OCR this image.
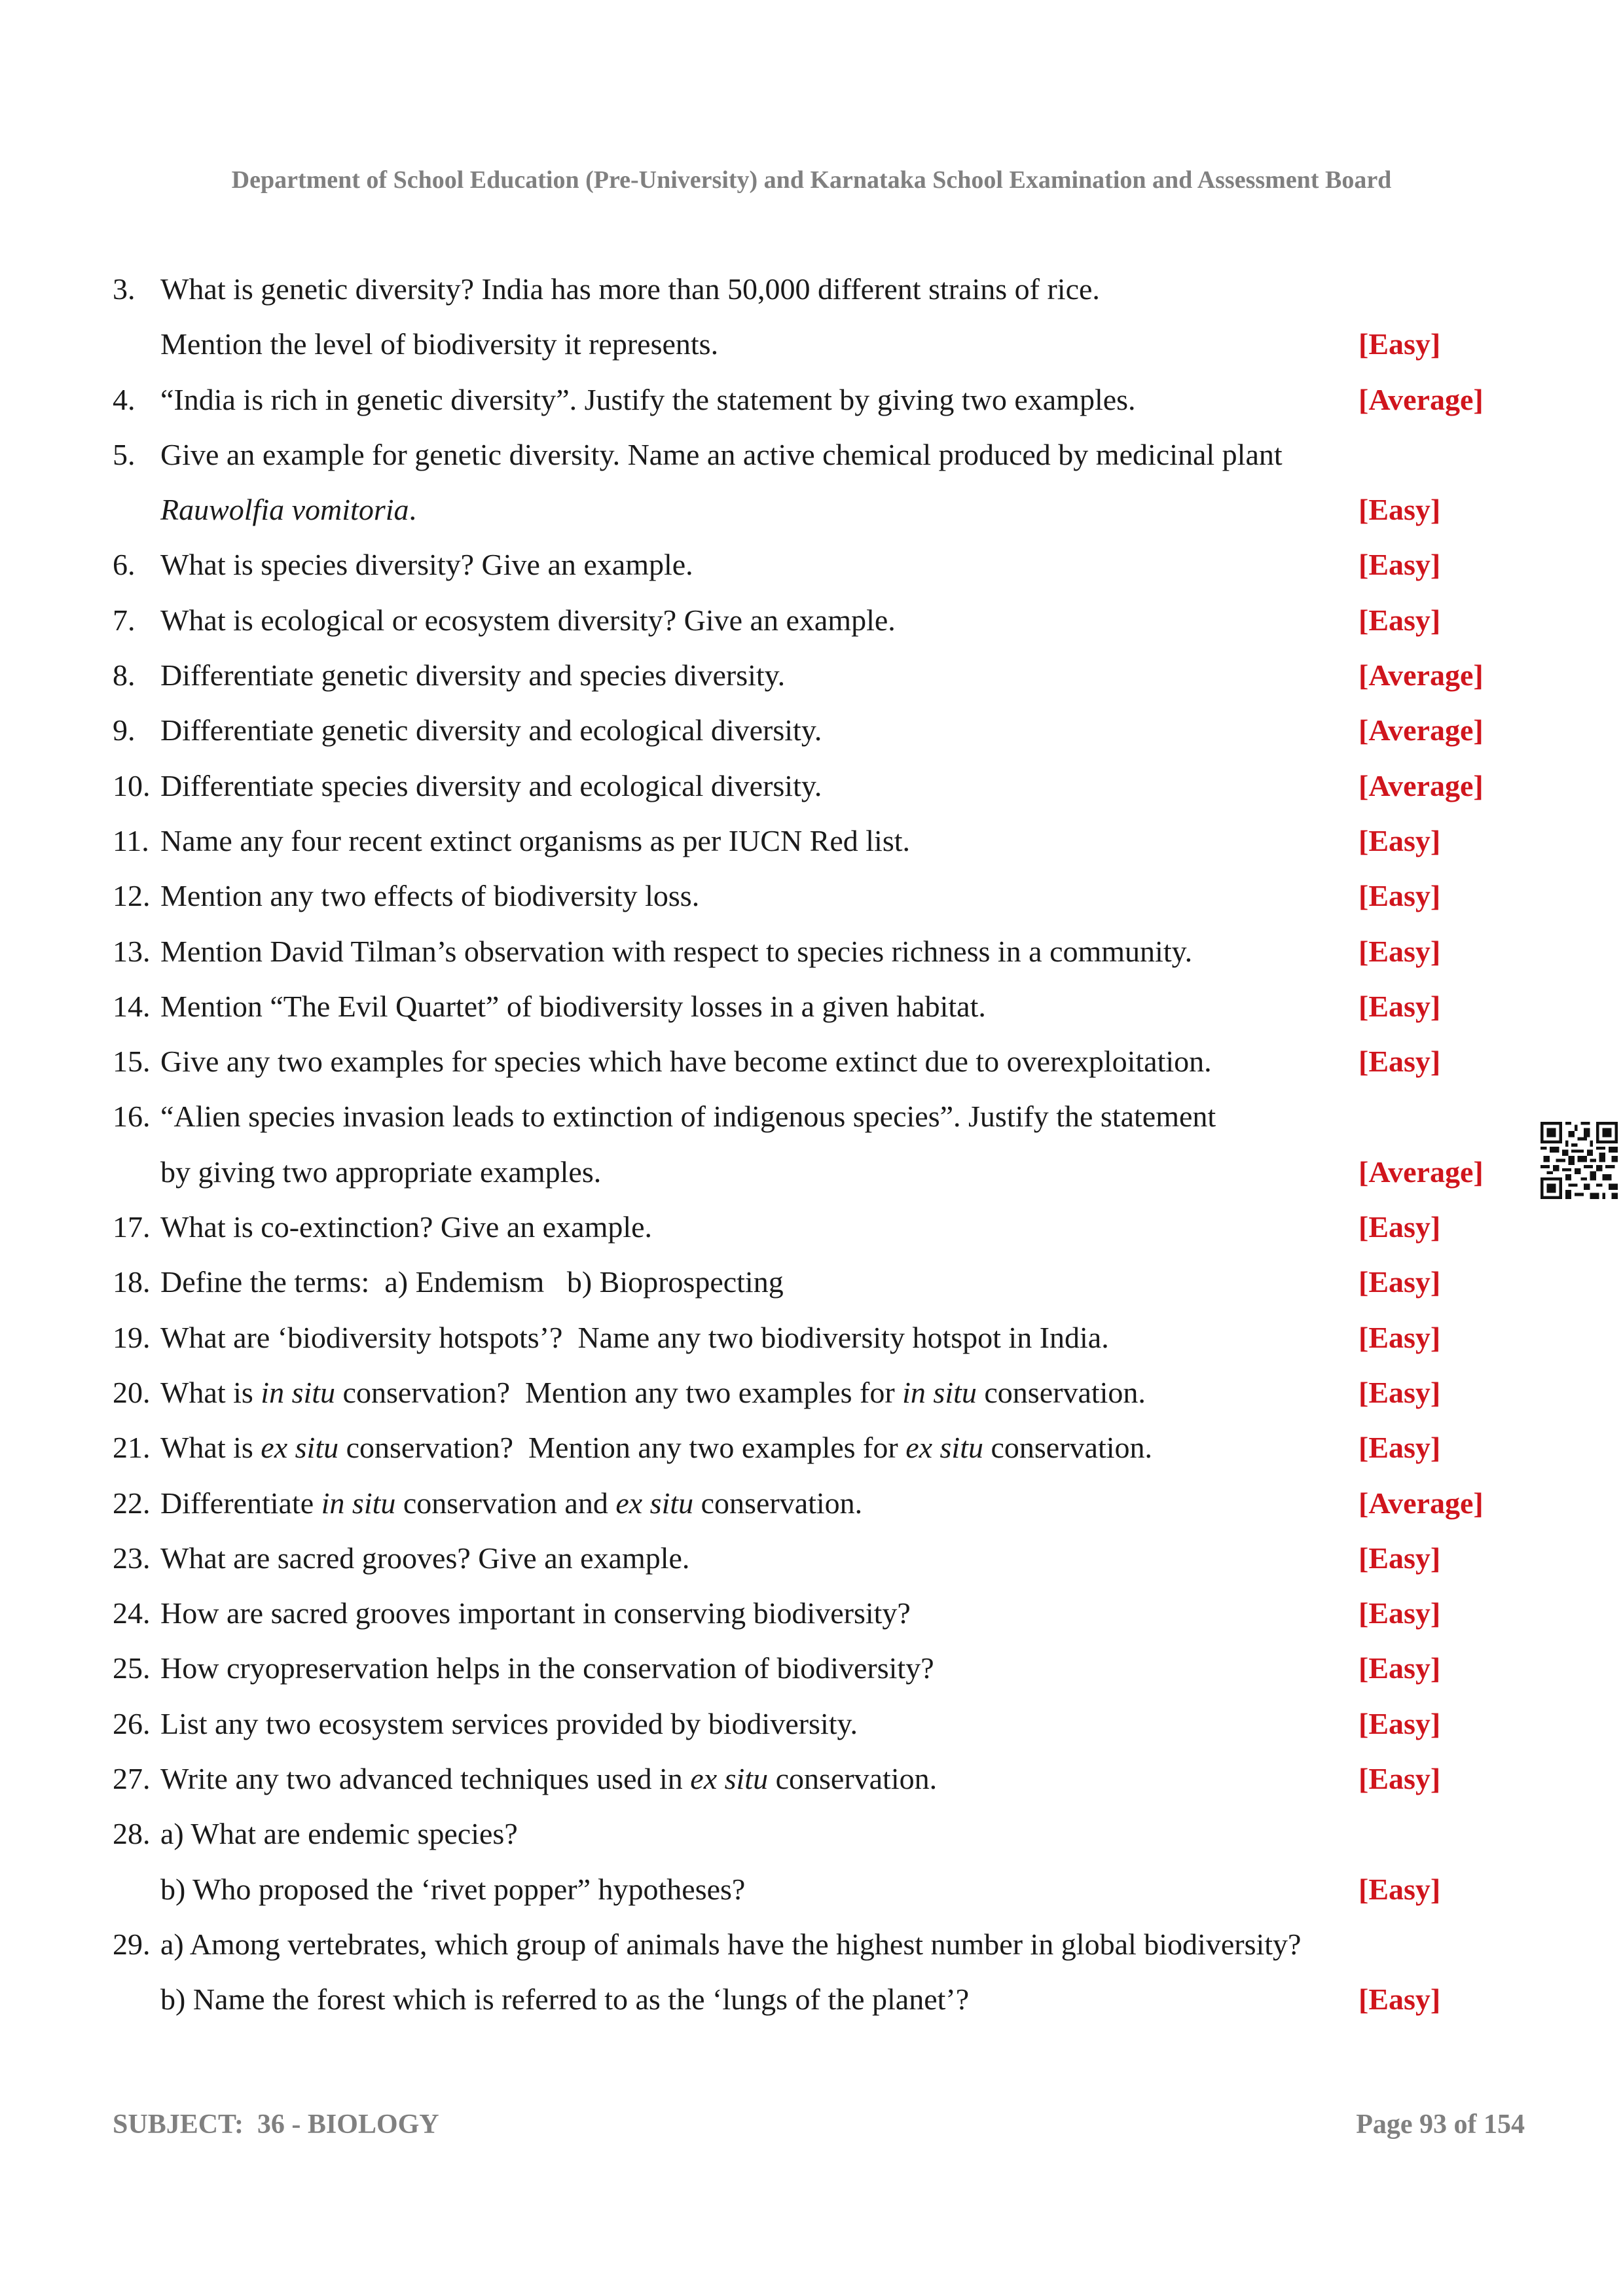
Department of School Education (Pre-University) and Karnataka School Examination and Assessment Board
3. What is genetic diversity? India has more than 50,000 different strains of rice.
Mention the level of biodiversity it represents.	[Easy]
4. “India is rich in genetic diversity”. Justify the statement by giving two examples.	[Average]
5. Give an example for genetic diversity. Name an active chemical produced by medicinal plant
Rauwolfia vomitoria.	[Easy]
6. What is species diversity? Give an example.	[Easy]
7. What is ecological or ecosystem diversity? Give an example.	[Easy]
8. Differentiate genetic diversity and species diversity.	[Average]
9. Differentiate genetic diversity and ecological diversity.	[Average]
10. Differentiate species diversity and ecological diversity.	[Average]
11. Name any four recent extinct organisms as per IUCN Red list.	[Easy]
12. Mention any two effects of biodiversity loss.	[Easy]
13. Mention David Tilman’s observation with respect to species richness in a community.	[Easy]
14. Mention “The Evil Quartet” of biodiversity losses in a given habitat.	[Easy]
15. Give any two examples for species which have become extinct due to overexploitation.	[Easy]
16. “Alien species invasion leads to extinction of indigenous species”. Justify the statement
by giving two appropriate examples.	[Average]
17. What is co-extinction? Give an example.	[Easy]
18. Define the terms:  a) Endemism   b) Bioprospecting	[Easy]
19. What are ‘biodiversity hotspots’?  Name any two biodiversity hotspot in India.	[Easy]
20. What is in situ conservation?  Mention any two examples for in situ conservation.	[Easy]
21. What is ex situ conservation?  Mention any two examples for ex situ conservation.	[Easy]
22. Differentiate in situ conservation and ex situ conservation.	[Average]
23. What are sacred grooves? Give an example.	[Easy]
24. How are sacred grooves important in conserving biodiversity?	[Easy]
25. How cryopreservation helps in the conservation of biodiversity?	[Easy]
26. List any two ecosystem services provided by biodiversity.	[Easy]
27. Write any two advanced techniques used in ex situ conservation.	[Easy]
28. a) What are endemic species?
b) Who proposed the ‘rivet popper” hypotheses?	[Easy]
29. a) Among vertebrates, which group of animals have the highest number in global biodiversity?
b) Name the forest which is referred to as the ‘lungs of the planet’?	[Easy]
SUBJECT:  36 - BIOLOGY	Page 93 of 154
